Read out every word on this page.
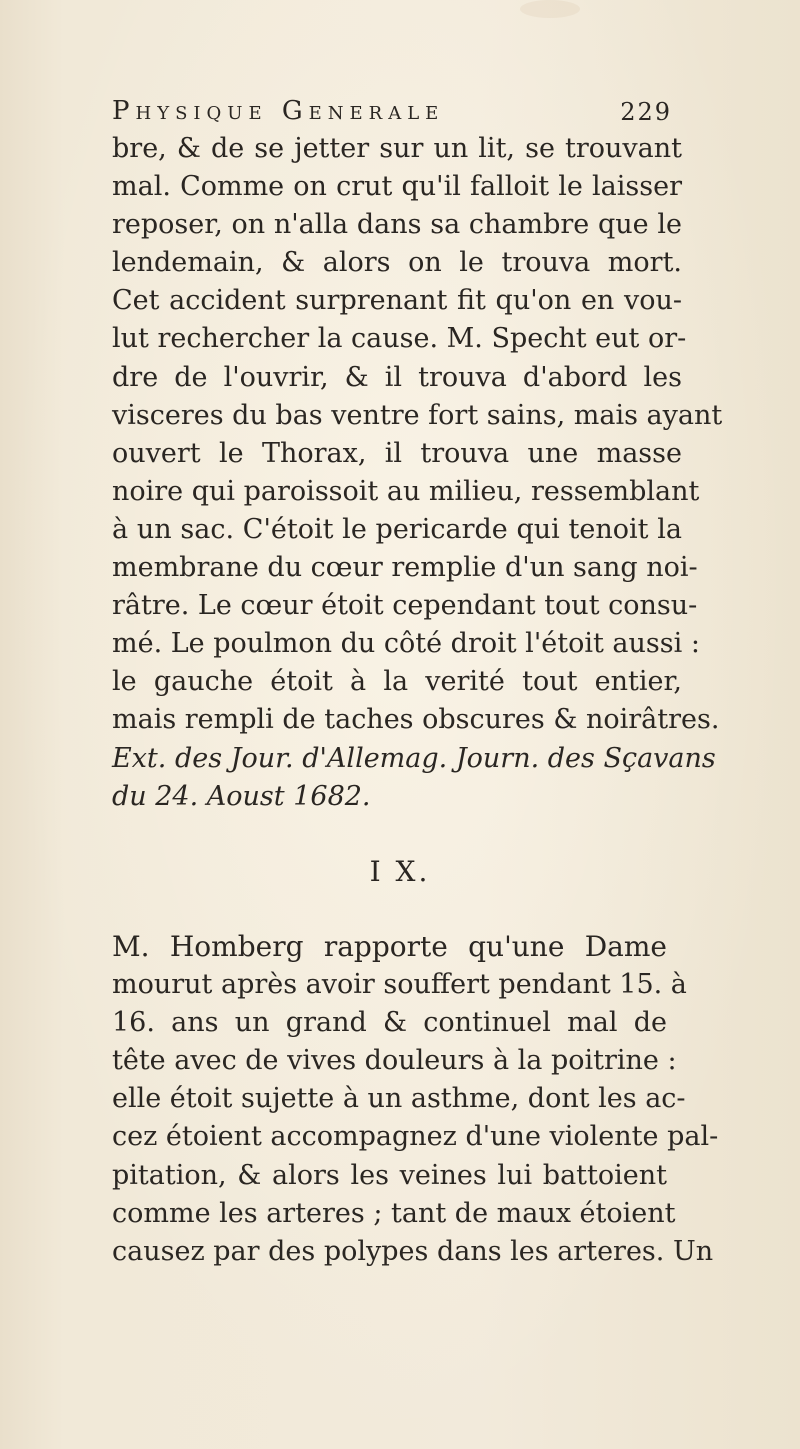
Physique Generale	229
bre, & de se jetter sur un lit, se trouvant
mal. Comme on crut qu'il falloit le laisser
reposer, on n'alla dans sa chambre que le
lendemain, & alors on le trouva mort.
Cet accident surprenant fit qu'on en vou-
lut rechercher la cause. M. Specht eut or-
dre de l'ouvrir, & il trouva d'abord les
visceres du bas ventre fort sains, mais ayant
ouvert le Thorax, il trouva une masse
noire qui paroissoit au milieu, ressemblant
à un sac. C'étoit le pericarde qui tenoit la
membrane du cœur remplie d'un sang noi-
râtre. Le cœur étoit cependant tout consu-
mé. Le poulmon du côté droit l'étoit aussi :
le gauche étoit à la verité tout entier,
mais rempli de taches obscures & noirâtres.
Ext. des Jour. d'Allemag. Journ. des Sçavans
du 24. Aoust 1682.
I X.
M. Homberg rapporte qu'une Dame
mourut après avoir souffert pendant 15. à
16. ans un grand & continuel mal de
tête avec de vives douleurs à la poitrine :
elle étoit sujette à un asthme, dont les ac-
cez étoient accompagnez d'une violente pal-
pitation, & alors les veines lui battoient
comme les arteres ; tant de maux étoient
causez par des polypes dans les arteres. Un
